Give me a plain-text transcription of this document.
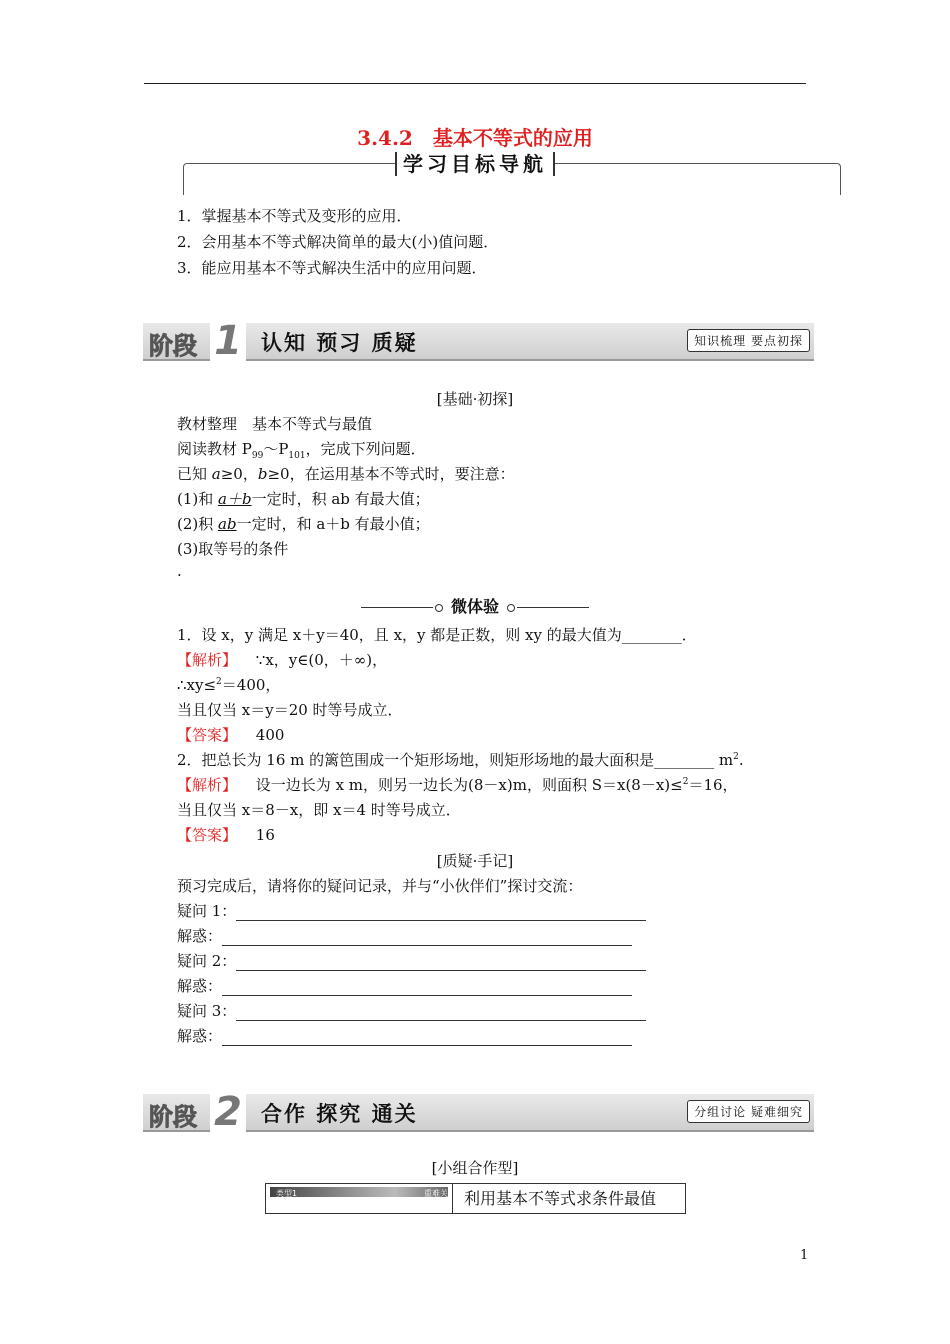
3.4.2　基本不等式的应用
学习目标导航
1．掌握基本不等式及变形的应用．
2．会用基本不等式解决简单的最大(小)值问题．
3．能应用基本不等式解决生活中的应用问题．
阶段 1 认知 预习 质疑	知识梳理 要点初探
[基础·初探]
教材整理　基本不等式与最值
阅读教材 $P_{99}\sim P_{101}$，完成下列问题．
已知 a≥0，b≥0，在运用基本不等式时，要注意：
(1)和 a＋b一定时，积 ab 有最大值；
(2)积 ab一定时，和 a＋b 有最小值；
(3)取等号的条件
.
微体验
1．设 x，y 满足 x＋y＝40，且 x，y 都是正数，则 xy 的最大值为________．
【解析】 ∵x，y∈(0，＋∞)，
∴xy≤$^2$＝400，
当且仅当 x＝y＝20 时等号成立．
【答案】 400
2．把总长为 16 m 的篱笆围成一个矩形场地，则矩形场地的最大面积是________ $m^2$.
【解析】 设一边长为 x m，则另一边长为(8－x)m，则面积 S＝x(8－x)≤$^2$＝16，
当且仅当 x＝8－x，即 x＝4 时等号成立．
【答案】 16
[质疑·手记]
预习完成后，请将你的疑问记录，并与“小伙伴们”探讨交流：
疑问 1：
解惑：
疑问 2：
解惑：
疑问 3：
解惑：
阶段 2 合作 探究 通关	分组讨论 疑难细究
[小组合作型]
类型1	重难关 利用基本不等式求条件最值
1
